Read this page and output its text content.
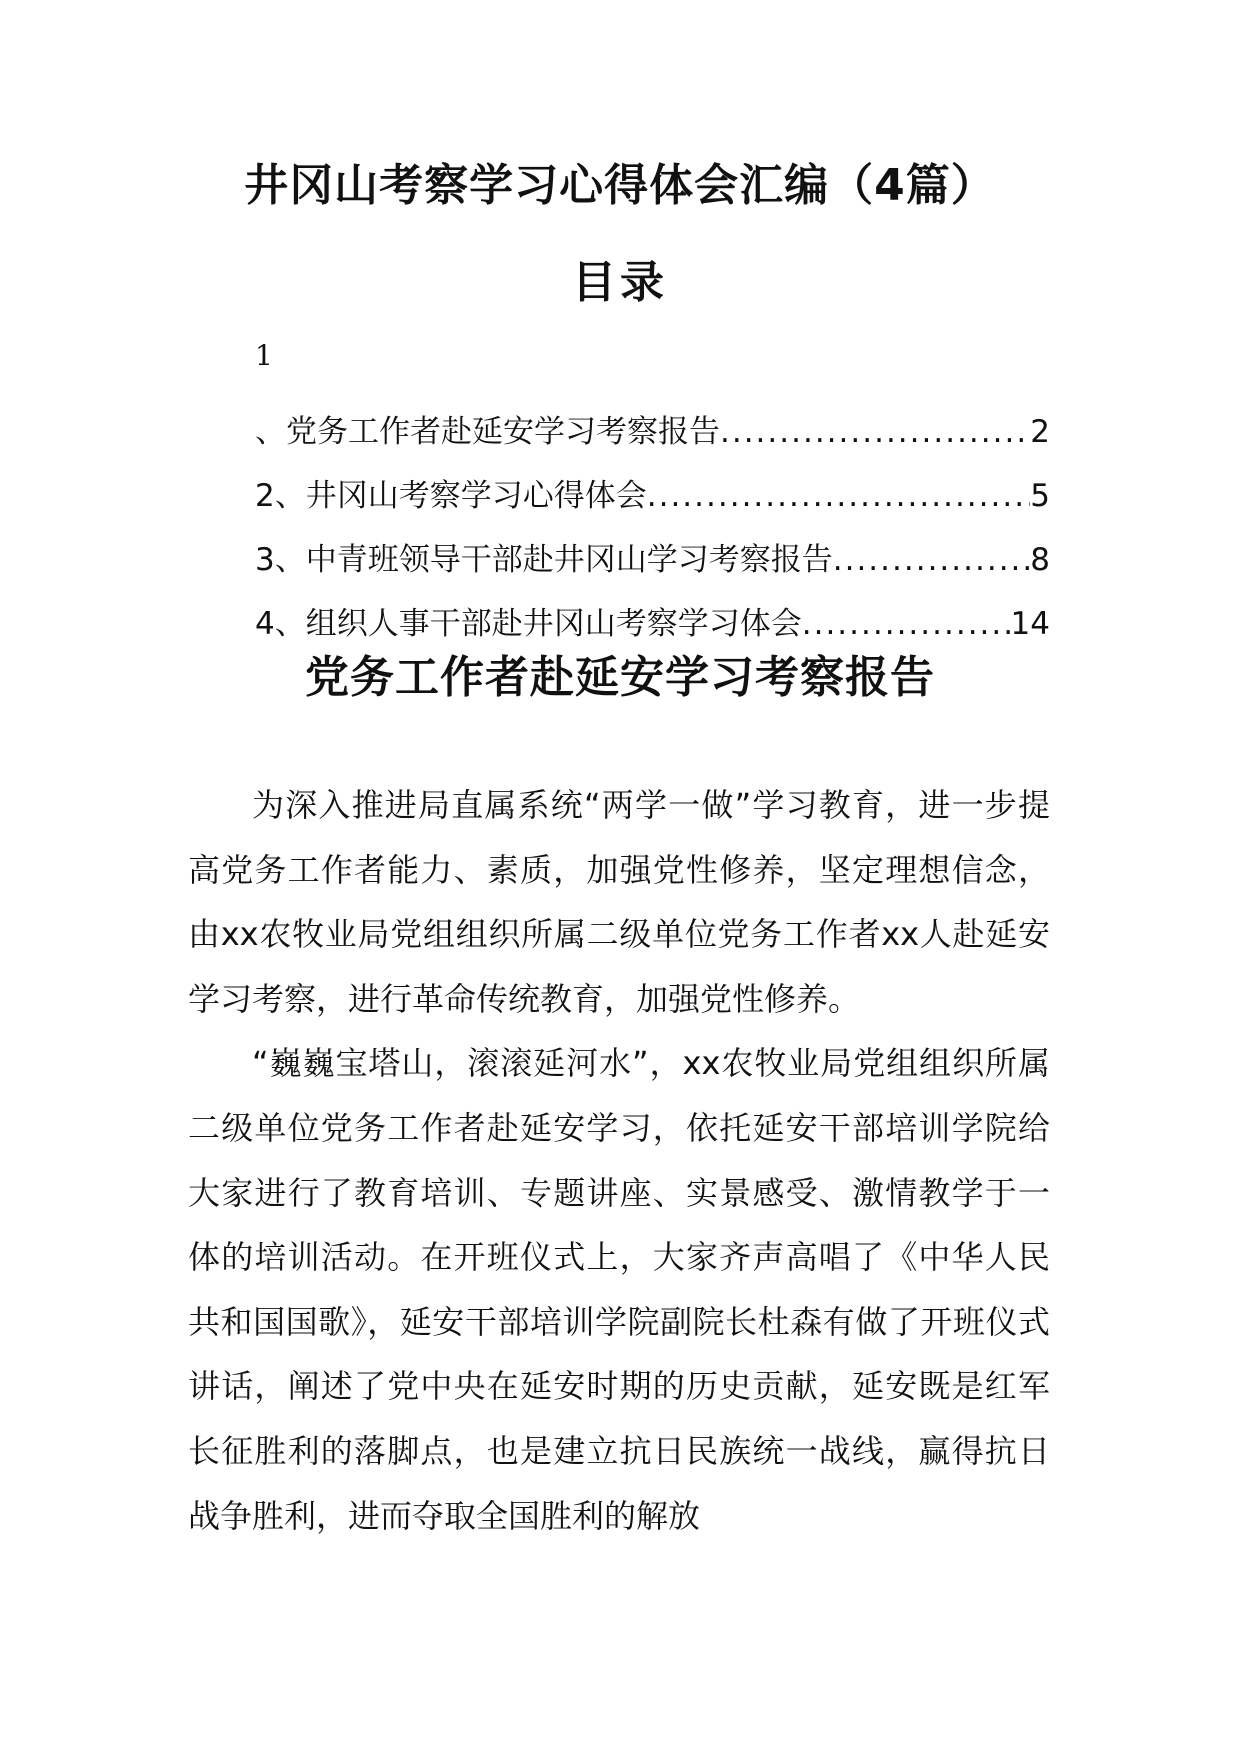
井冈山考察学习心得体会汇编（4篇）
目录
1
、党务工作者赴延安学习考察报告 .....	2
2、井冈山考察学习心得体会 .....	5
3、中青班领导干部赴井冈山学习考察报告 .....	8
4、组织人事干部赴井冈山考察学习体会 .....	14
党务工作者赴延安学习考察报告

为深入推进局直属系统“两学一做”学习教育，进一步提高党务工作者能力、素质，加强党性修养，坚定理想信念，由xx农牧业局党组组织所属二级单位党务工作者xx人赴延安学习考察，进行革命传统教育，加强党性修养。

“巍巍宝塔山，滚滚延河水”，xx农牧业局党组组织所属二级单位党务工作者赴延安学习，依托延安干部培训学院给大家进行了教育培训、专题讲座、实景感受、激情教学于一体的培训活动。在开班仪式上，大家齐声高唱了《中华人民共和国国歌》，延安干部培训学院副院长杜森有做了开班仪式讲话，阐述了党中央在延安时期的历史贡献，延安既是红军长征胜利的落脚点，也是建立抗日民族统一战线，赢得抗日战争胜利，进而夺取全国胜利的解放
